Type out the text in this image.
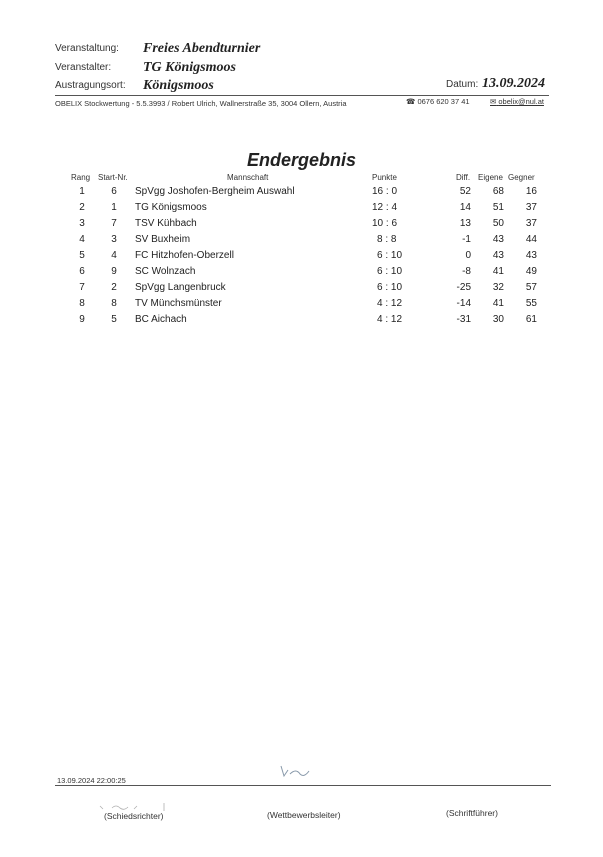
Veranstaltung: Freies Abendturnier
Veranstalter: TG Königsmoos
Austragungsort: Königsmoos	Datum: 13.09.2024
OBELIX Stockwertung - 5.5.3993 / Robert Ulrich, Wallnerstraße 35, 3004 Ollern, Austria	☎ 0676 620 37 41	✉ obelix@nul.at
Endergebnis
Rang Start-Nr.	Mannschaft	Punkte	Diff. Eigene Gegner
1	6	SpVgg Joshofen-Bergheim Auswahl	16 : 0	52	68	16
2	1	TG Königsmoos	12 : 4	14	51	37
3	7	TSV Kühbach	10 : 6	13	50	37
4	3	SV Buxheim	8 : 8	-1	43	44
5	4	FC Hitzhofen-Oberzell	6 : 10	0	43	43
6	9	SC Wolnzach	6 : 10	-8	41	49
7	2	SpVgg Langenbruck	6 : 10	-25	32	57
8	8	TV Münchsmünster	4 : 12	-14	41	55
9	5	BC Aichach	4 : 12	-31	30	61
13.09.2024 22:00:25
(Schiedsrichter)	(Wettbewerbsleiter)	(Schriftführer)
